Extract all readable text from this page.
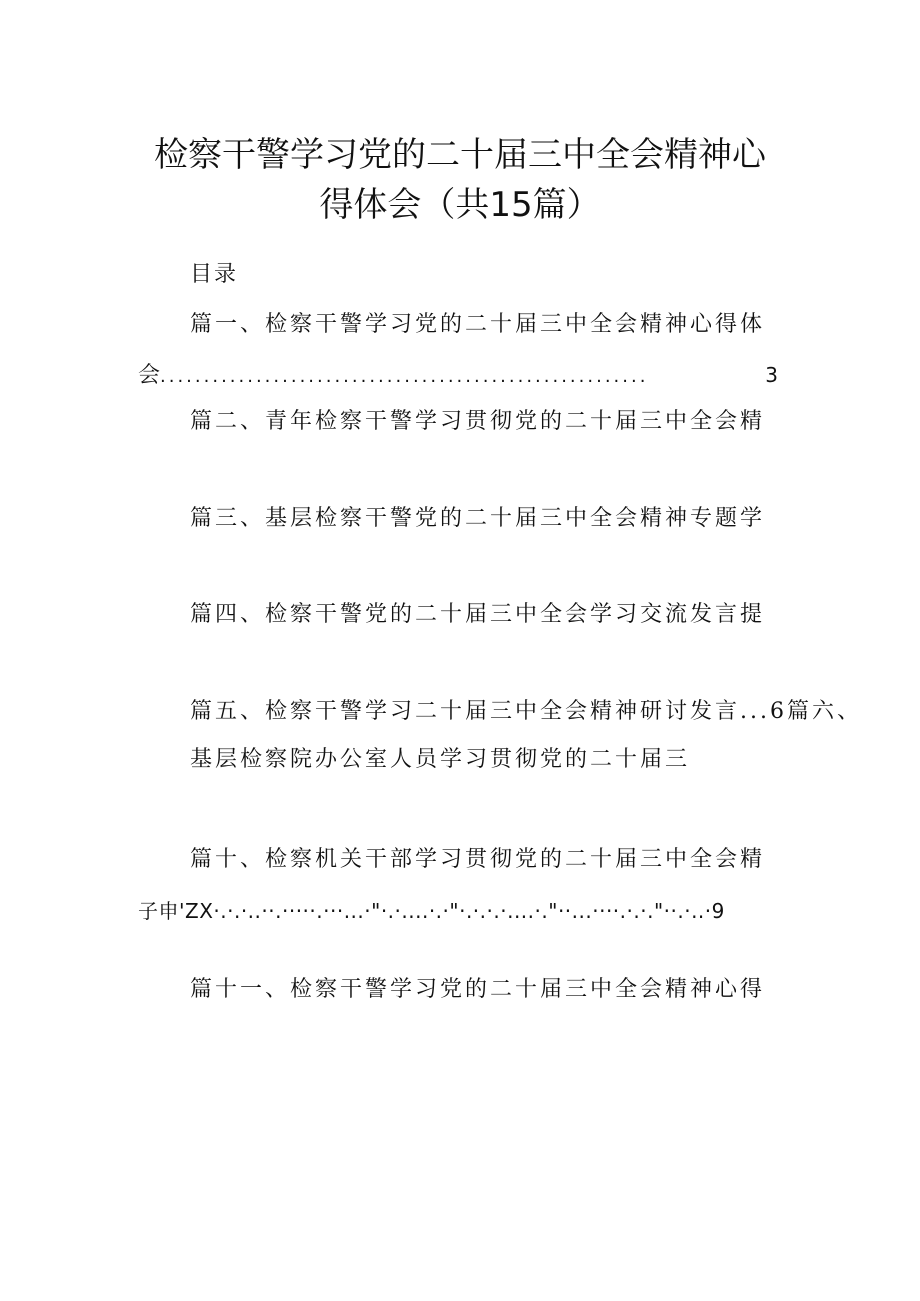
检察干警学习党的二十届三中全会精神心
得体会（共15篇）
目录
篇一、检察干警学习党的二十届三中全会精神心得体
会 ........................................................	3
篇二、青年检察干警学习贯彻党的二十届三中全会精
篇三、基层检察干警党的二十届三中全会精神专题学
篇四、检察干警党的二十届三中全会学习交流发言提
篇五、检察干警学习二十届三中全会精神研讨发言...6篇六、
基层检察院办公室人员学习贯彻党的二十届三
篇十、检察机关干部学习贯彻党的二十届三中全会精
子申'ZX·.·.·..··.·····.···...·"·.·....·.·"·.·.·.·....·."··...····.·.·."··.·..·9
篇十一、检察干警学习党的二十届三中全会精神心得
